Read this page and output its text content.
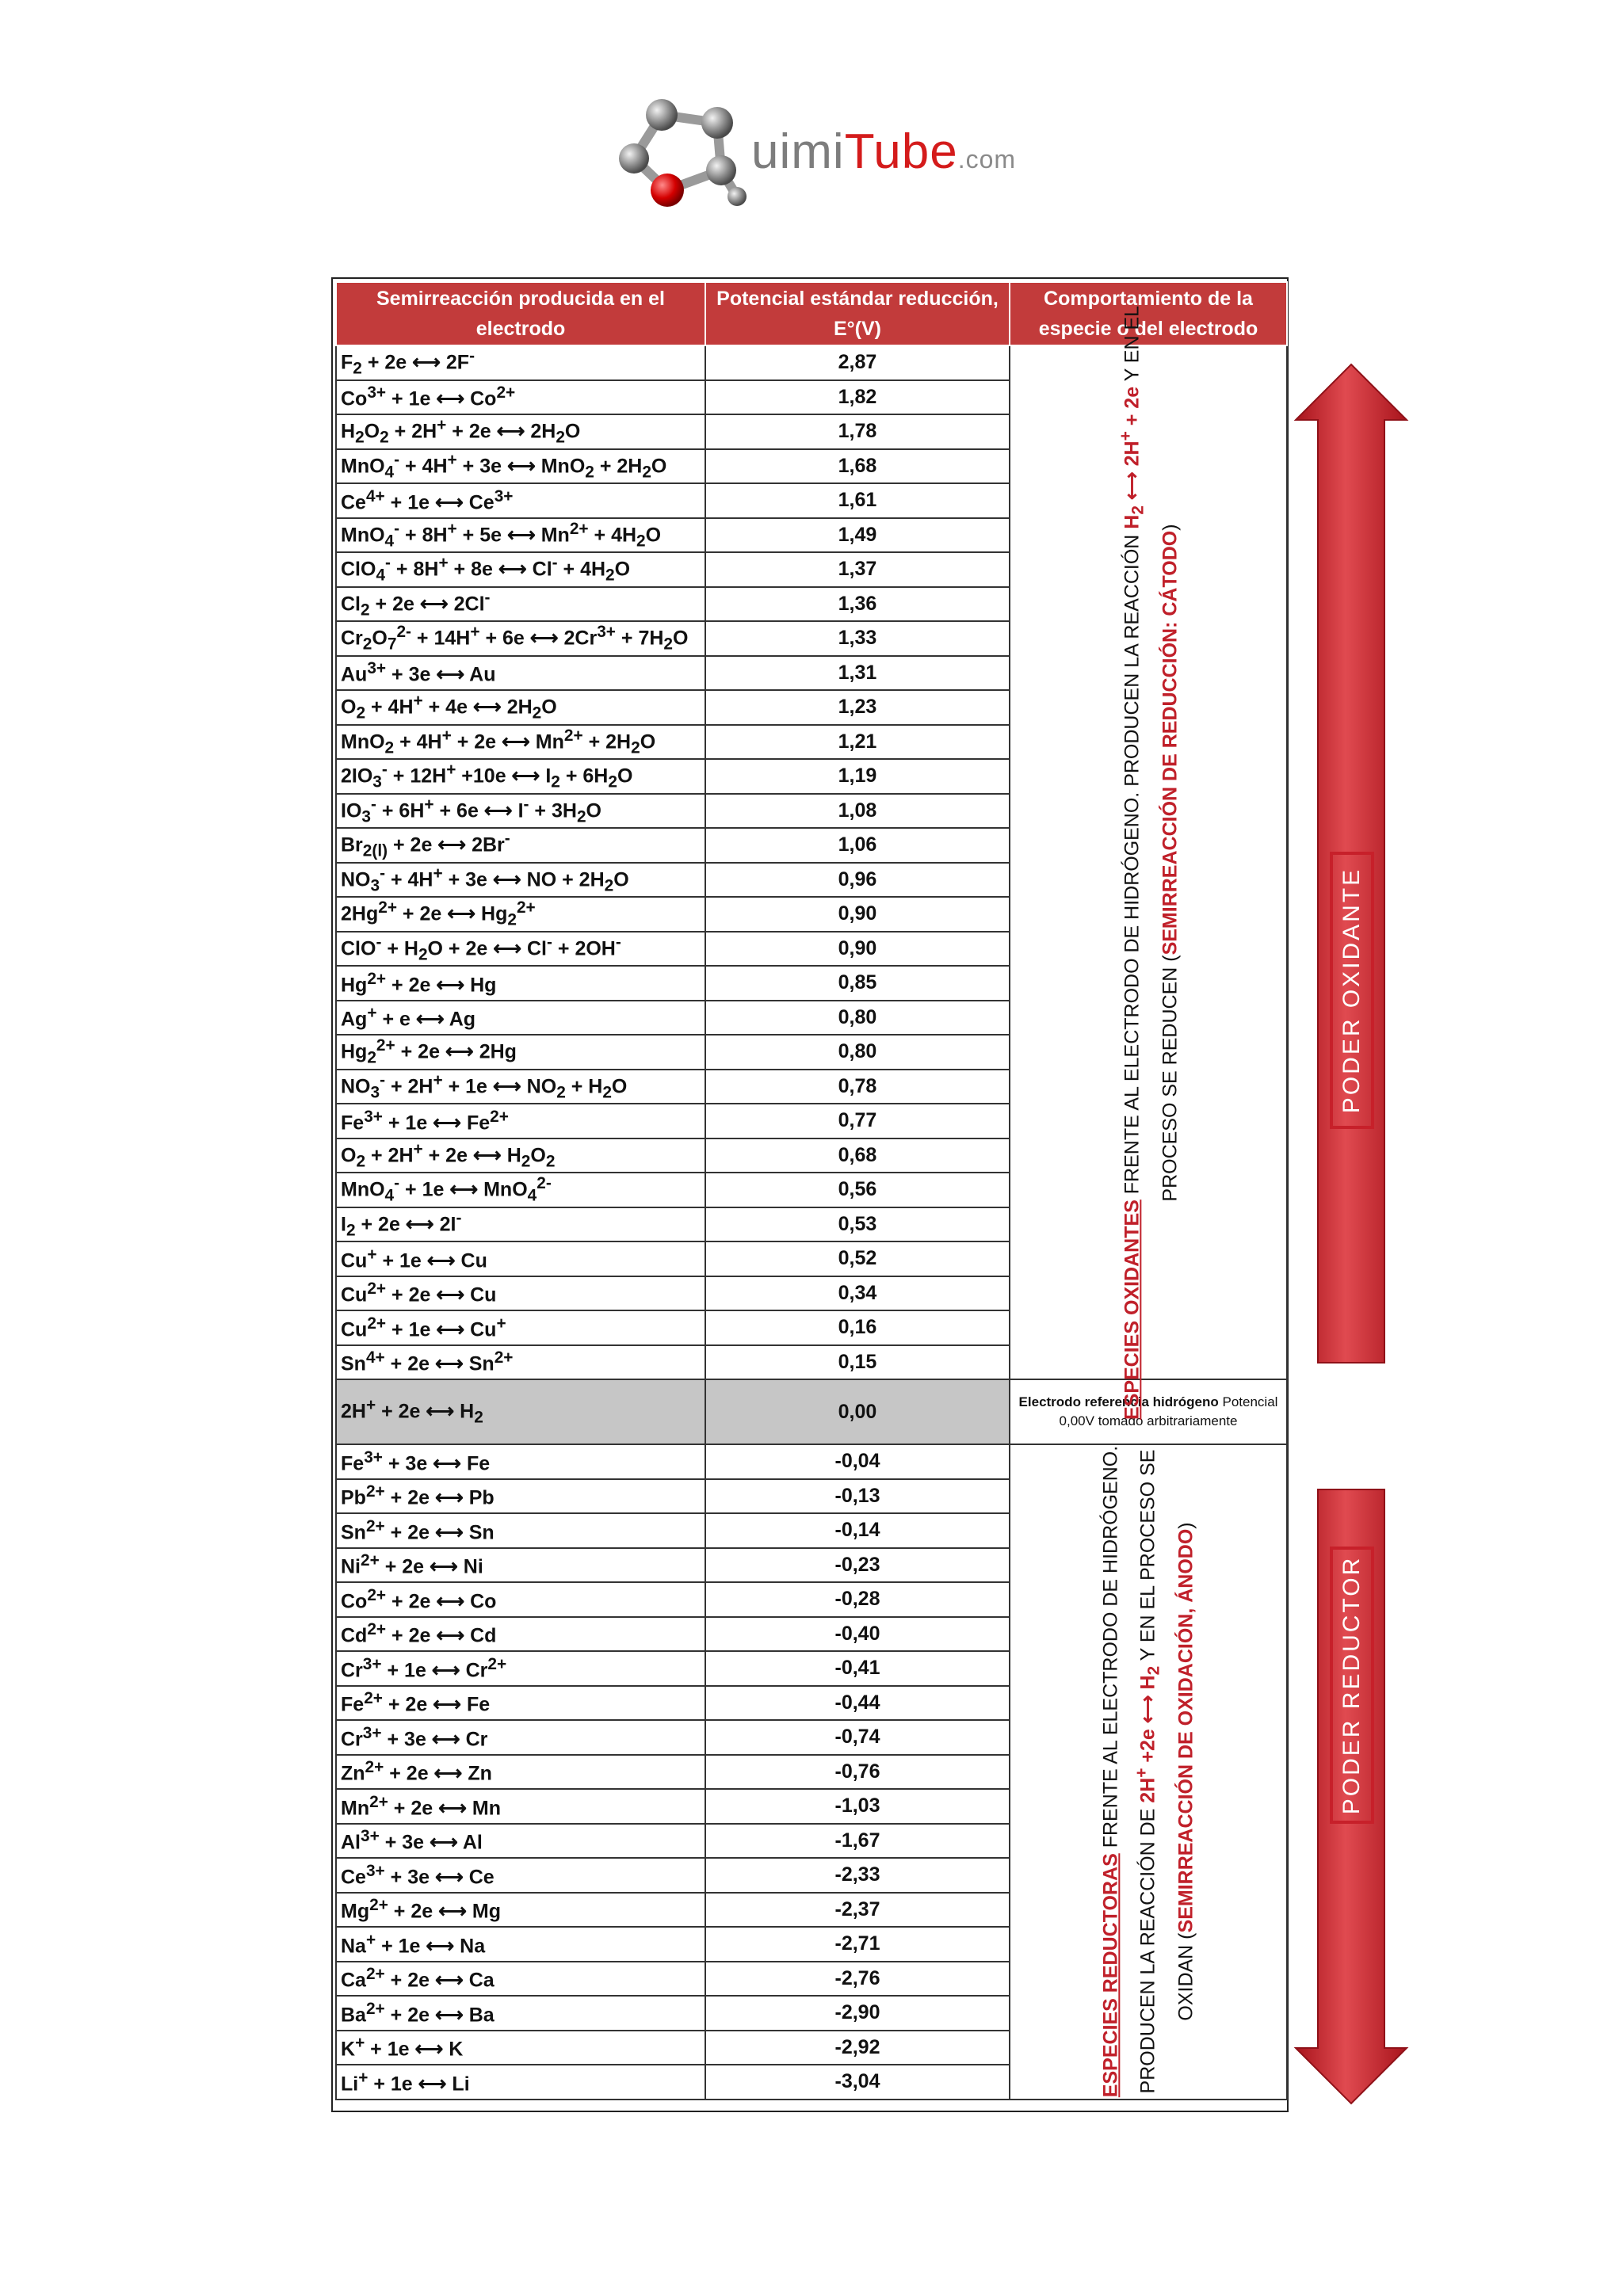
uimiTube.com
Semirreacción producida en el electrodo	Potencial estándar reducción, E°(V)	Comportamiento de la especie o del electrodo
$F_2 + 2e$ ⟷ 2F-	2,87	ESPECIES OXIDANTES FRENTE AL ELECTRODO DE HIDRÓGENO. PRODUCEN LA REACCIÓN $H_2$ ⟷ 2H+ + 2e Y EN EL
PROCESO SE REDUCEN (SEMIRREACCIÓN DE REDUCCIÓN: CÁTODO)

$Co^{3+} + 1e$ ⟷ $Co^{2+}$	1,82	
$H_2O_2 + 2H^+ + 2e$ ⟷ $2H_2O$	1,78	
MnO$_4$- + 4H+ + 3e ⟷ $MnO_2 + 2H_2O$	1,68	
$Ce^{4+} + 1e$ ⟷ $Ce^{3+}$	1,61	
MnO$_4$- + 8H+ + 5e ⟷ $Mn^{2+} + 4H_2O$	1,49	
ClO$_4$- + 8H+ + 8e ⟷ $Cl^- + 4H_2O$	1,37	
$Cl_2 + 2e$ ⟷ 2Cl-	1,36	
$Cr_2O_7^{2-} + 14H^+ + 6e$ ⟷ $2Cr^{3+} + 7H_2O$	1,33	
$Au^{3+} + 3e$ ⟷ Au	1,31	
$O_2 + 4H^+ + 4e$ ⟷ $2H_2O$	1,23	
MnO$_2$ + 4H+ + 2e ⟷ $Mn^{2+} + 2H_2O$	1,21	
$2IO_3^- + 12H^+ +10e$ ⟷ $I_2 + 6H_2O$	1,19	
$IO_3^- + 6H^+ + 6e$ ⟷ $I^- + 3H_2O$	1,08	
$Br_{2(l)} + 2e$ ⟷ 2Br-	1,06	
$NO_3^- + 4H^+ + 3e$ ⟷ NO + $2H_2O$	0,96	
$2Hg^{2+} + 2e$ ⟷ $Hg_2^{2+}$	0,90	
$ClO^- + H_2O + 2e$ ⟷ Cl- + 2OH-	0,90	
$Hg^{2+} + 2e$ ⟷ Hg	0,85	
Ag+ + e ⟷ Ag	0,80	
$Hg_2^{2+} + 2e$ ⟷ 2Hg	0,80	
$NO_3^- + 2H^+ + 1e$ ⟷ $NO_2 + H_2O$	0,78	
$Fe^{3+} + 1e$ ⟷ $Fe^{2+}$	0,77	
$O_2 + 2H^+ + 2e$ ⟷ $H_2O_2$	0,68	
MnO$_4$- + 1e ⟷ MnO$_4^{2-}$	0,56	
$I_2 + 2e$ ⟷ 2I-	0,53	
Cu+ + 1e ⟷ Cu	0,52	
$Cu^{2+} + 2e$ ⟷ Cu	0,34	
$Cu^{2+} + 1e$ ⟷ Cu+	0,16	
$Sn^{4+} + 2e$ ⟷ $Sn^{2+}$	0,15	
2H+ + 2e ⟷ $H_2$	0,00	Electrodo referencia hidrógeno Potencial 0,00V tomado arbitrariamente
$Fe^{3+} + 3e$ ⟷ Fe	-0,04	ESPECIES REDUCTORAS FRENTE AL ELECTRODO DE HIDRÓGENO.
PRODUCEN LA REACCIÓN DE 2H+ +2e ⟷ $H_2$ Y EN EL PROCESO SE
OXIDAN (SEMIRREACCIÓN DE OXIDACIÓN, ÁNODO)

$Pb^{2+} + 2e$ ⟷ Pb	-0,13	
$Sn^{2+} + 2e$ ⟷ Sn	-0,14	
$Ni^{2+} + 2e$ ⟷ Ni	-0,23	
$Co^{2+} + 2e$ ⟷ Co	-0,28	
$Cd^{2+} + 2e$ ⟷ Cd	-0,40	
$Cr^{3+} + 1e$ ⟷ $Cr^{2+}$	-0,41	
$Fe^{2+} + 2e$ ⟷ Fe	-0,44	
$Cr^{3+} + 3e$ ⟷ Cr	-0,74	
$Zn^{2+} + 2e$ ⟷ Zn	-0,76	
$Mn^{2+} + 2e$ ⟷ Mn	-1,03	
$Al^{3+} + 3e$ ⟷ Al	-1,67	
$Ce^{3+} + 3e$ ⟷ Ce	-2,33	
$Mg^{2+} + 2e$ ⟷ Mg	-2,37	
Na+ + 1e ⟷ Na	-2,71	
$Ca^{2+} + 2e$ ⟷ Ca	-2,76	
$Ba^{2+} + 2e$ ⟷ Ba	-2,90	
K+ + 1e ⟷ K	-2,92	
Li+ + 1e ⟷ Li	-3,04	
PODER OXIDANTE
PODER REDUCTOR
